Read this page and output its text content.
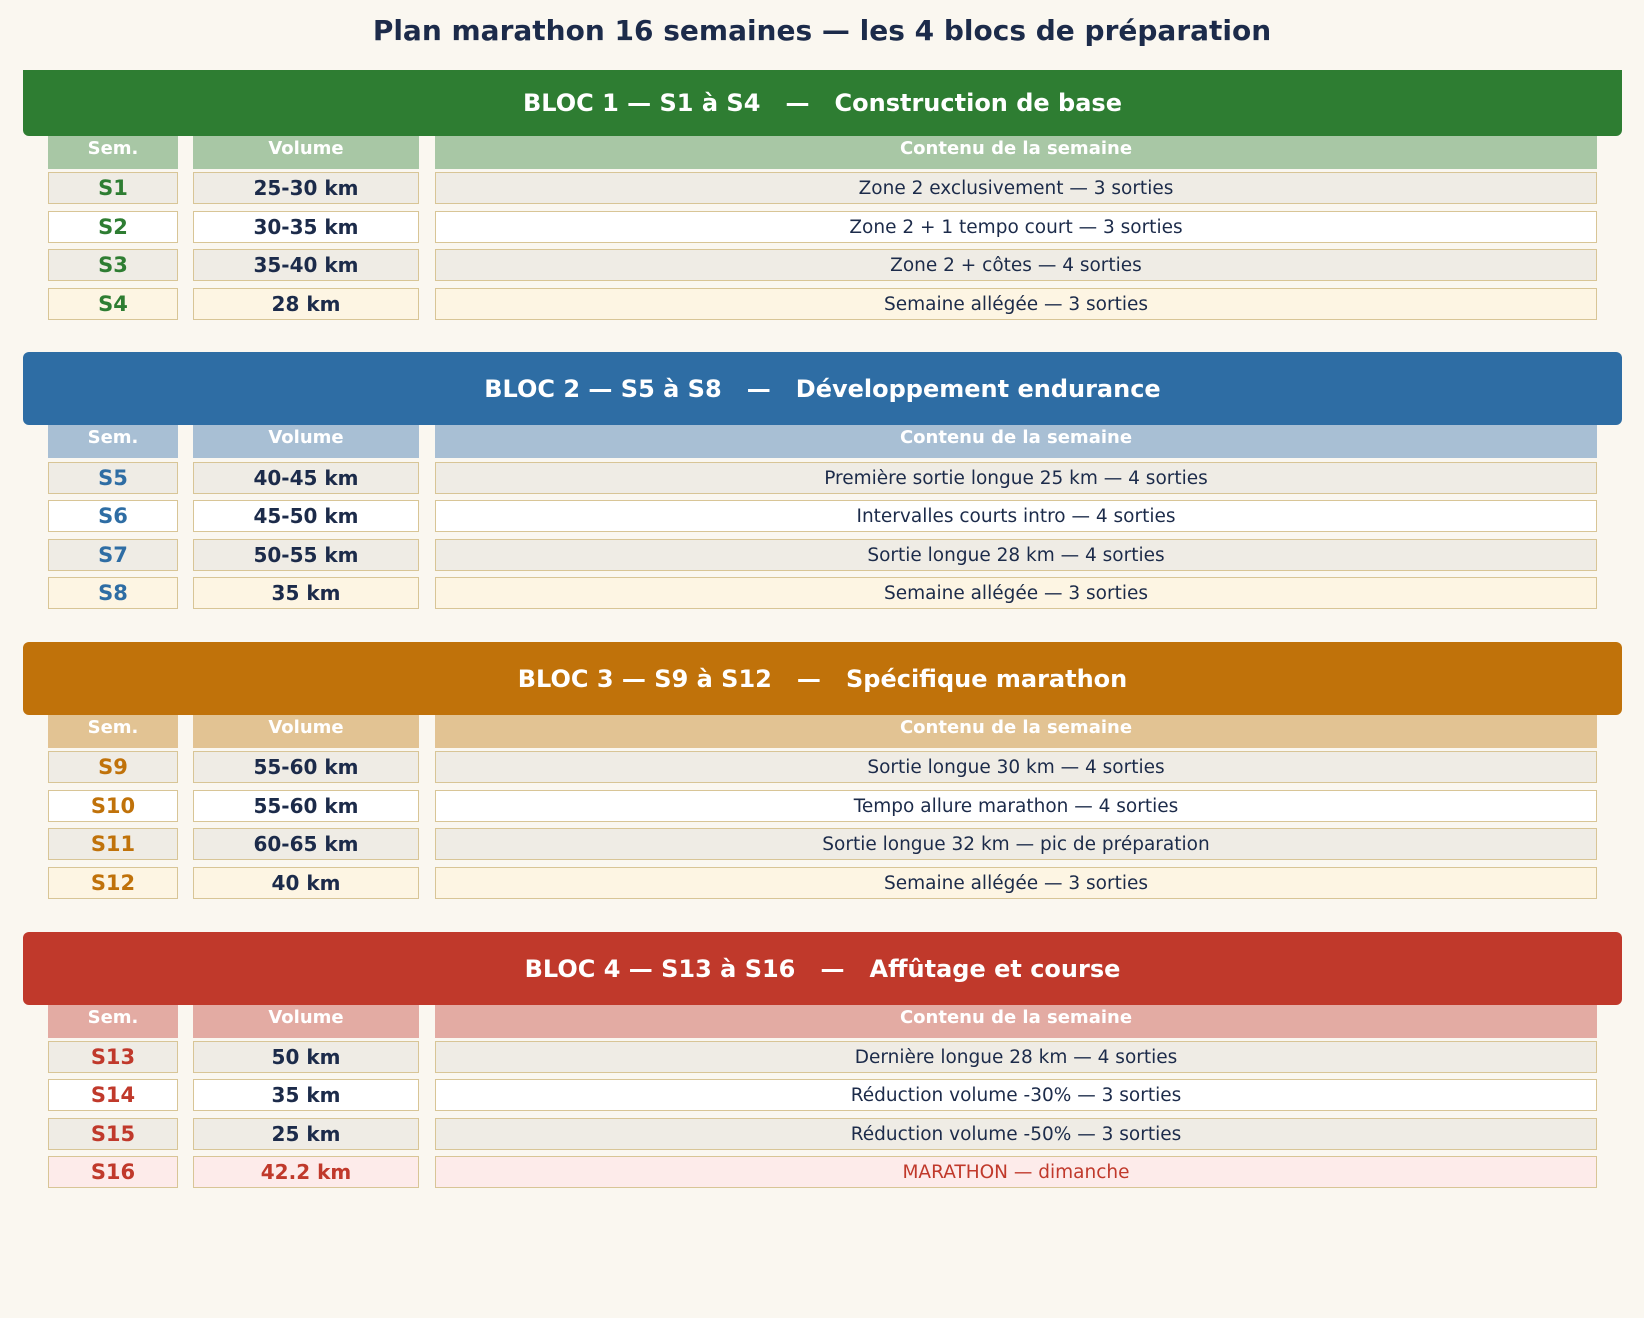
Plan marathon 16 semaines — les 4 blocs de préparation
BLOC 1 — S1 à S4   —   Construction de base
Sem.	Volume	Contenu de la semaine
S1	25-30 km	Zone 2 exclusivement — 3 sorties
S2	30-35 km	Zone 2 + 1 tempo court — 3 sorties
S3	35-40 km	Zone 2 + côtes — 4 sorties
S4	28 km	Semaine allégée — 3 sorties
BLOC 2 — S5 à S8   —   Développement endurance
Sem.	Volume	Contenu de la semaine
S5	40-45 km	Première sortie longue 25 km — 4 sorties
S6	45-50 km	Intervalles courts intro — 4 sorties
S7	50-55 km	Sortie longue 28 km — 4 sorties
S8	35 km	Semaine allégée — 3 sorties
BLOC 3 — S9 à S12   —   Spécifique marathon
Sem.	Volume	Contenu de la semaine
S9	55-60 km	Sortie longue 30 km — 4 sorties
S10	55-60 km	Tempo allure marathon — 4 sorties
S11	60-65 km	Sortie longue 32 km — pic de préparation
S12	40 km	Semaine allégée — 3 sorties
BLOC 4 — S13 à S16   —   Affûtage et course
Sem.	Volume	Contenu de la semaine
S13	50 km	Dernière longue 28 km — 4 sorties
S14	35 km	Réduction volume -30% — 3 sorties
S15	25 km	Réduction volume -50% — 3 sorties
S16	42.2 km	MARATHON — dimanche
